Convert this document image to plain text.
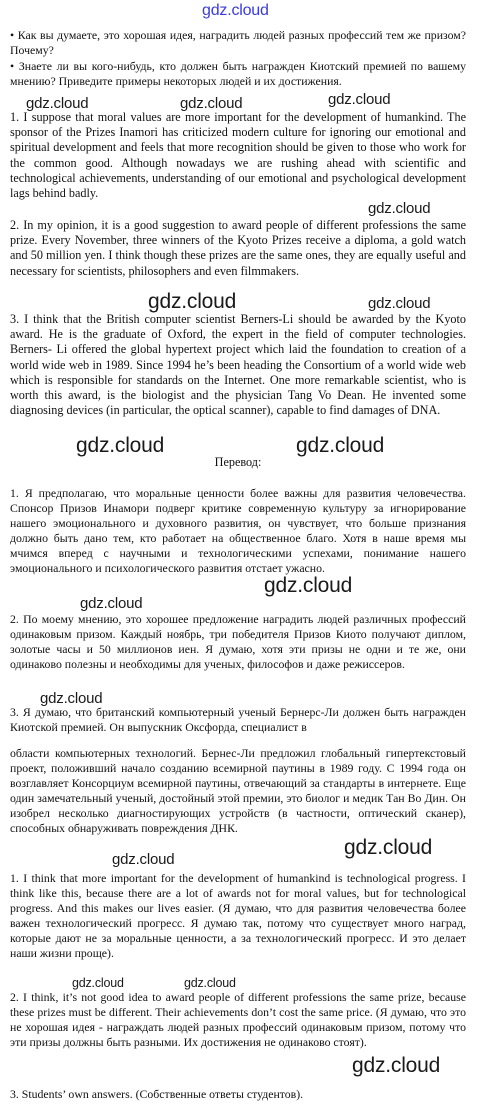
gdz.cloud

• Как вы думаете, это хорошая идея, наградить людей разных профессий тем же призом? Почему?

• Знаете ли вы кого-нибудь, кто должен быть награжден Киотский премией по вашему мнению? Приведите примеры некоторых людей и их достижения.

gdz.cloud	gdz.cloud	gdz.cloud

1. I suppose that moral values are more important for the development of humankind. The sponsor of the Prizes Inamori has criticized modern culture for ignoring our emotional and spiritual development and feels that more recognition should be given to those who work for the common good. Although nowadays we are rushing ahead with scientific and technological achievements, understanding of our emotional and psychological development lags behind badly.

gdz.cloud

2. In my opinion, it is a good suggestion to award people of different professions the same prize. Every November, three winners of the Kyoto Prizes receive a diploma, a gold watch and 50 million yen. I think though these prizes are the same ones, they are equally useful and necessary for scientists, philosophers and even filmmakers.

gdz.cloud	gdz.cloud

3. I think that the British computer scientist Berners-Li should be awarded by the Kyoto award. He is the graduate of Oxford, the expert in the field of computer technologies. Berners- Li offered the global hypertext project which laid the foundation to creation of a world wide web in 1989. Since 1994 he’s been heading the Consortium of a world wide web which is responsible for standards on the Internet. One more remarkable scientist, who is worth this award, is the biologist and the physician Tang Vo Dean. He invented some diagnosing devices (in particular, the optical scanner), capable to find damages of DNA.

gdz.cloud	gdz.cloud
Перевод:

1. Я предполагаю, что моральные ценности более важны для развития человечества. Спонсор Призов Инамори подверг критике современную культуру за игнорирование нашего эмоционального и духовного развития, он чувствует, что больше признания должно быть дано тем, кто работает на общественное благо. Хотя в наше время мы мчимся вперед с научными и технологическими успехами, понимание нашего эмоционального и психологического развития отстает ужасно.

gdz.cloud
gdz.cloud

2. По моему мнению, это хорошее предложение наградить людей различных профессий одинаковым призом. Каждый ноябрь, три победителя Призов Киото получают диплом, золотые часы и 50 миллионов иен. Я думаю, хотя эти призы не одни и те же, они одинаково полезны и необходимы для ученых, философов и даже режиссеров.

gdz.cloud

3. Я думаю, что британский компьютерный ученый Бернерс-Ли должен быть награжден Киотской премией. Он выпускник Оксфорда, специалист в

области компьютерных технологий. Бернес-Ли предложил глобальный гипертекстовый проект, положивший начало созданию всемирной паутины в 1989 году. С 1994 года он возглавляет Консорциум всемирной паутины, отвечающий за стандарты в интернете. Еще один замечательный ученый, достойный этой премии, это биолог и медик Тан Во Дин. Он изобрел несколько диагностирующих устройств (в частности, оптический сканер), способных обнаруживать повреждения ДНК.

gdz.cloud
gdz.cloud

1. I think that more important for the development of humankind is technological progress. I think like this, because there are a lot of awards not for moral values, but for technological progress. And this makes our lives easier. (Я думаю, что для развития человечества более важен технологический прогресс. Я думаю так, потому что существует много наград, которые дают не за моральные ценности, а за технологический прогресс. И это делает наши жизни проще).

gdz.cloud	gdz.cloud

2. I think, it’s not good idea to award people of different professions the same prize, because these prizes must be different. Their achievements don’t cost the same price. (Я думаю, что это не хорошая идея - награждать людей разных профессий одинаковым призом, потому что эти призы должны быть разными. Их достижения не одинаково стоят).

gdz.cloud

3. Students’ own answers. (Собственные ответы студентов).
